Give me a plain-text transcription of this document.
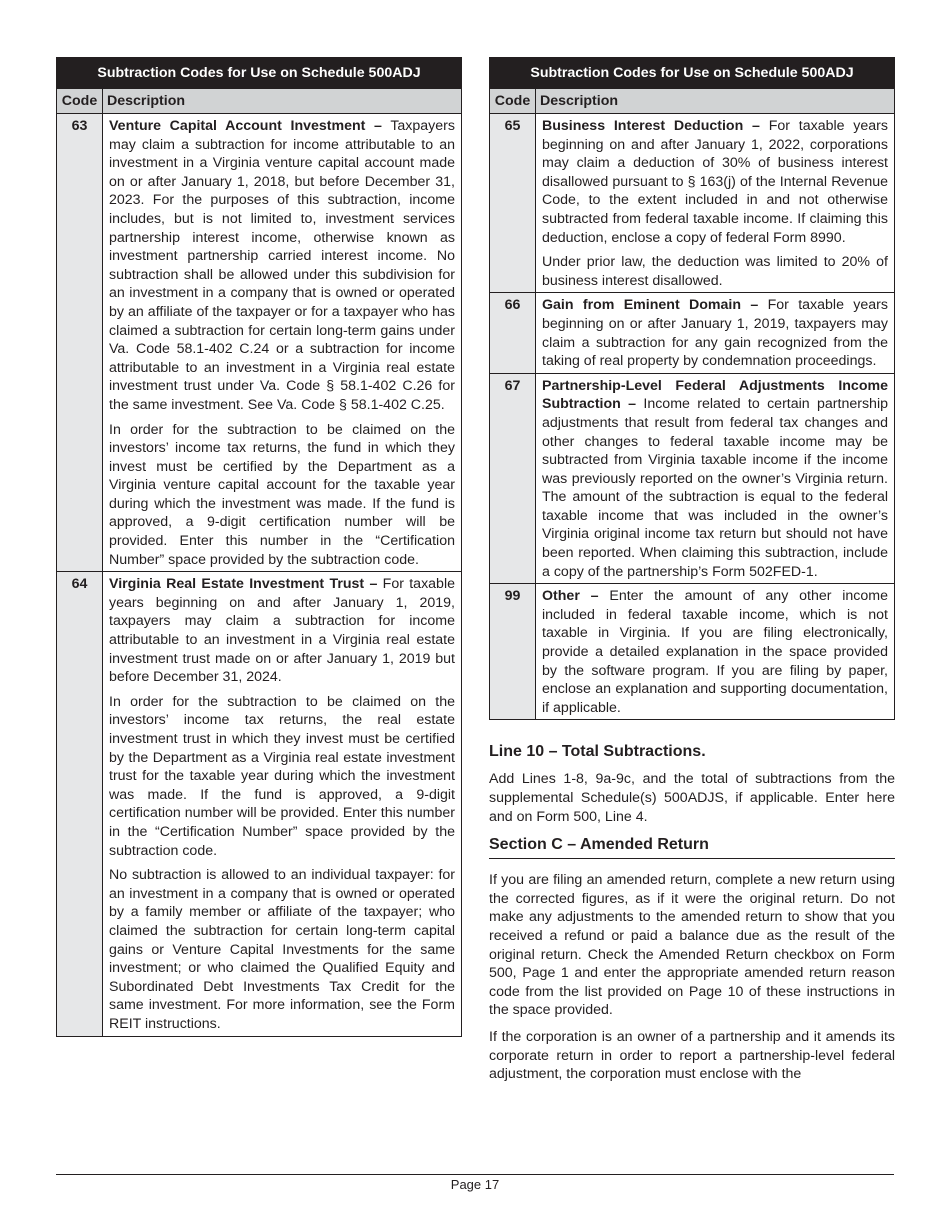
Subtraction Codes for Use on Schedule 500ADJ	
Code	Description
63	Venture Capital Account Investment – Taxpayers may claim a subtraction for income attributable to an investment in a Virginia venture capital account made on or after January 1, 2018, but before December 31, 2023. For the purposes of this subtraction, income includes, but is not limited to, investment services partnership interest income, otherwise known as investment partnership carried interest income. No subtraction shall be allowed under this subdivision for an investment in a company that is owned or operated by an affiliate of the taxpayer or for a taxpayer who has claimed a subtraction for certain long-term gains under Va. Code 58.1-402 C.24 or a subtraction for income attributable to an investment in a Virginia real estate investment trust under Va. Code § 58.1-402 C.26 for the same investment. See Va. Code § 58.1-402 C.25.

In order for the subtraction to be claimed on the investors’ income tax returns, the fund in which they invest must be certified by the Department as a Virginia venture capital account for the taxable year during which the investment was made. If the fund is approved, a 9-digit certification number will be provided. Enter this number in the “Certification Number” space provided by the subtraction code.

64	Virginia Real Estate Investment Trust – For taxable years beginning on and after January 1, 2019, taxpayers may claim a subtraction for income attributable to an investment in a Virginia real estate investment trust made on or after January 1, 2019 but before December 31, 2024.

In order for the subtraction to be claimed on the investors’ income tax returns, the real estate investment trust in which they invest must be certified by the Department as a Virginia real estate investment trust for the taxable year during which the investment was made. If the fund is approved, a 9-digit certification number will be provided. Enter this number in the “Certification Number” space provided by the subtraction code.

No subtraction is allowed to an individual taxpayer: for an investment in a company that is owned or operated by a family member or affiliate of the taxpayer; who claimed the subtraction for certain long-term capital gains or Venture Capital Investments for the same investment; or who claimed the Qualified Equity and Subordinated Debt Investments Tax Credit for the same investment. For more information, see the Form REIT instructions.

Subtraction Codes for Use on Schedule 500ADJ	
Code	Description
65	Business Interest Deduction – For taxable years beginning on and after January 1, 2022, corporations may claim a deduction of 30% of business interest disallowed pursuant to § 163(j) of the Internal Revenue Code, to the extent included in and not otherwise subtracted from federal taxable income. If claiming this deduction, enclose a copy of federal Form 8990.

Under prior law, the deduction was limited to 20% of business interest disallowed.

66	Gain from Eminent Domain – For taxable years beginning on or after January 1, 2019, taxpayers may claim a subtraction for any gain recognized from the taking of real property by condemnation proceedings.

67	Partnership-Level Federal Adjustments Income Subtraction – Income related to certain partnership adjustments that result from federal tax changes and other changes to federal taxable income may be subtracted from Virginia taxable income if the income was previously reported on the owner’s Virginia return. The amount of the subtraction is equal to the federal taxable income that was included in the owner’s Virginia original income tax return but should not have been reported. When claiming this subtraction, include a copy of the partnership’s Form 502FED-1.

99	Other – Enter the amount of any other income included in federal taxable income, which is not taxable in Virginia. If you are filing electronically, provide a detailed explanation in the space provided by the software program. If you are filing by paper, enclose an explanation and supporting documentation, if applicable.

Line 10 – Total Subtractions.

Add Lines 1-8, 9a-9c, and the total of subtractions from the supplemental Schedule(s) 500ADJS, if applicable. Enter here and on Form 500, Line 4.

Section C – Amended Return

If you are filing an amended return, complete a new return using the corrected figures, as if it were the original return. Do not make any adjustments to the amended return to show that you received a refund or paid a balance due as the result of the original return. Check the Amended Return checkbox on Form 500, Page 1 and enter the appropriate amended return reason code from the list provided on Page 10 of these instructions in the space provided.

If the corporation is an owner of a partnership and it amends its corporate return in order to report a partnership-level federal adjustment, the corporation must enclose with the

Page 17
